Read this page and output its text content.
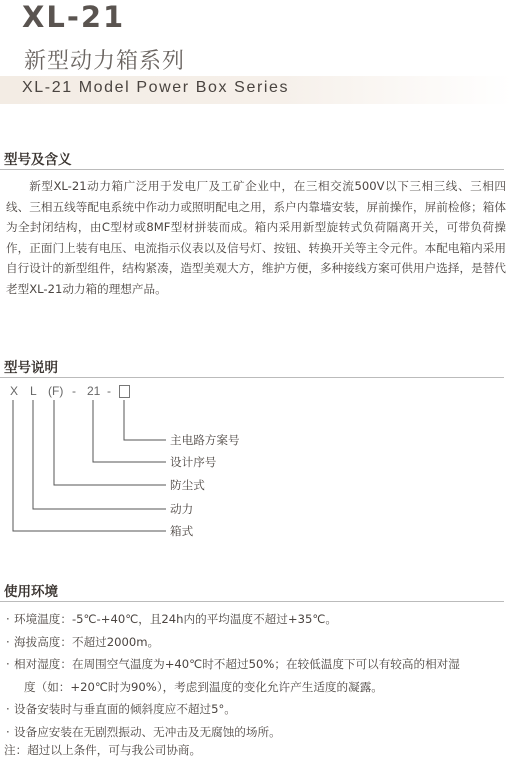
XL-21
新型动力箱系列
XL-21 Model Power Box Series
型号及含义

新型XL-21动力箱广泛用于发电厂及工矿企业中，在三相交流500V以下三相三线、三相四线、三相五线等配电系统中作动力或照明配电之用，系户内靠墙安装，屏前操作，屏前检修；箱体为全封闭结构，由C型材或8MF型材拼装而成。箱内采用新型旋转式负荷隔离开关，可带负荷操作，正面门上装有电压、电流指示仪表以及信号灯、按钮、转换开关等主令元件。本配电箱内采用自行设计的新型组件，结构紧凑，造型美观大方，维护方便，多种接线方案可供用户选择，是替代老型XL-21动力箱的理想产品。

型号说明
X L (F) - 21 -
主电路方案号
设计序号
防尘式
动力
箱式
使用环境
· 环境温度：-5℃-+40℃，且24h内的平均温度不超过+35℃。
· 海拔高度：不超过2000m。
· 相对湿度：在周围空气温度为+40℃时不超过50%；在较低温度下可以有较高的相对湿
度（如：+20℃时为90%），考虑到温度的变化允许产生适度的凝露。
· 设备安装时与垂直面的倾斜度应不超过5°。
· 设备应安装在无剧烈振动、无冲击及无腐蚀的场所。
注：超过以上条件，可与我公司协商。
